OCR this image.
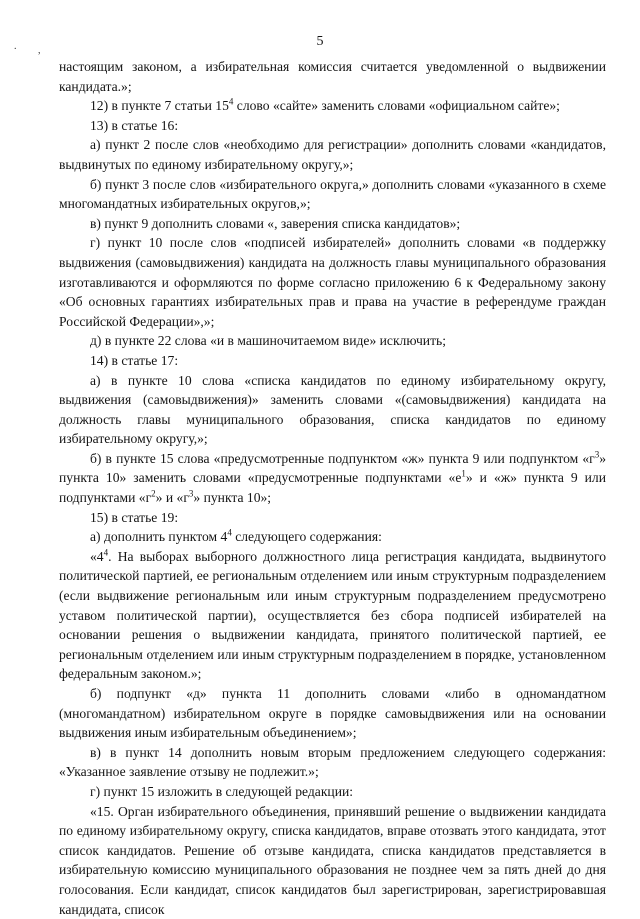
. ,
5

настоящим законом, а избирательная комиссия считается уведомленной о выдвижении кандидата.»;

12) в пункте 7 статьи $15^4$ слово «сайте» заменить словами «официальном сайте»;

13) в статье 16:

а) пункт 2 после слов «необходимо для регистрации» дополнить словами «кандидатов, выдвинутых по единому избирательному округу,»;

б) пункт 3 после слов «избирательного округа,» дополнить словами «указанного в схеме многомандатных избирательных округов,»;

в) пункт 9 дополнить словами «, заверения списка кандидатов»;

г) пункт 10 после слов «подписей избирателей» дополнить словами «в поддержку выдвижения (самовыдвижения) кандидата на должность главы муниципального образования изготавливаются и оформляются по форме согласно приложению 6 к Федеральному закону «Об основных гарантиях избирательных прав и права на участие в референдуме граждан Российской Федерации»,»;

д) в пункте 22 слова «и в машиночитаемом виде» исключить;

14) в статье 17:

а) в пункте 10 слова «списка кандидатов по единому избирательному округу, выдвижения (самовыдвижения)» заменить словами «(самовыдвижения) кандидата на должность главы муниципального образования, списка кандидатов по единому избирательному округу,»;

б) в пункте 15 слова «предусмотренные подпунктом «ж» пункта 9 или подпунктом «$г^3$» пункта 10» заменить словами «предусмотренные подпунктами «$е^1$» и «ж» пункта 9 или подпунктами «$г^2$» и «$г^3$» пункта 10»;

15) в статье 19:

а) дополнить пунктом $4^4$ следующего содержания:

«$4^4$. На выборах выборного должностного лица регистрация кандидата, выдвинутого политической партией, ее региональным отделением или иным структурным подразделением (если выдвижение региональным или иным структурным подразделением предусмотрено уставом политической партии), осуществляется без сбора подписей избирателей на основании решения о выдвижении кандидата, принятого политической партией, ее региональным отделением или иным структурным подразделением в порядке, установленном федеральным законом.»;

б) подпункт «д» пункта 11 дополнить словами «либо в одномандатном (многомандатном) избирательном округе в порядке самовыдвижения или на основании выдвижения иным избирательным объединением»;

в) в пункт 14 дополнить новым вторым предложением следующего содержания: «Указанное заявление отзыву не подлежит.»;

г) пункт 15 изложить в следующей редакции:

«15. Орган избирательного объединения, принявший решение о выдвижении кандидата по единому избирательному округу, списка кандидатов, вправе отозвать этого кандидата, этот список кандидатов. Решение об отзыве кандидата, списка кандидатов представляется в избирательную комиссию муниципального образования не позднее чем за пять дней до дня голосования. Если кандидат, список кандидатов был зарегистрирован, зарегистрировавшая кандидата, список
